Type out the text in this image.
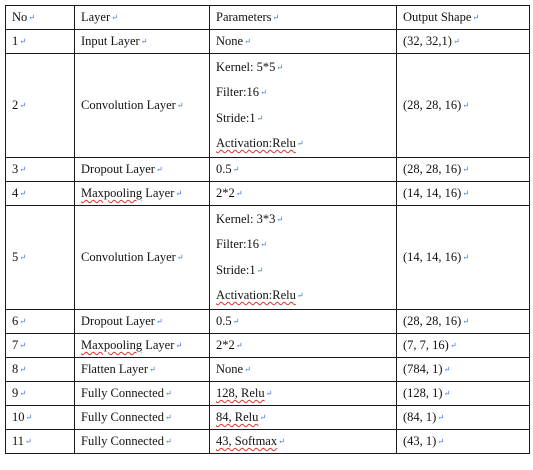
No↵	Layer↵	Parameters↵	Output Shape↵
1↵	Input Layer↵	None↵	(32, 32,1)↵
2↵	Convolution Layer↵	Kernel: 5*5↵
Filter:16↵
Stride:1↵
Activation:Relu↵	(28, 28, 16)↵
3↵	Dropout Layer↵	0.5↵	(28, 28, 16)↵
4↵	Maxpooling Layer↵	2*2↵	(14, 14, 16)↵
5↵	Convolution Layer↵	Kernel: 3*3↵
Filter:16↵
Stride:1↵
Activation:Relu↵	(14, 14, 16)↵
6↵	Dropout Layer↵	0.5↵	(28, 28, 16)↵
7↵	Maxpooling Layer↵	2*2↵	(7, 7, 16)↵
8↵	Flatten Layer↵	None↵	(784, 1)↵
9↵	Fully Connected↵	128, Relu↵	(128, 1)↵
10↵	Fully Connected↵	84, Relu↵	(84, 1)↵
11↵	Fully Connected↵	43, Softmax↵	(43, 1)↵
